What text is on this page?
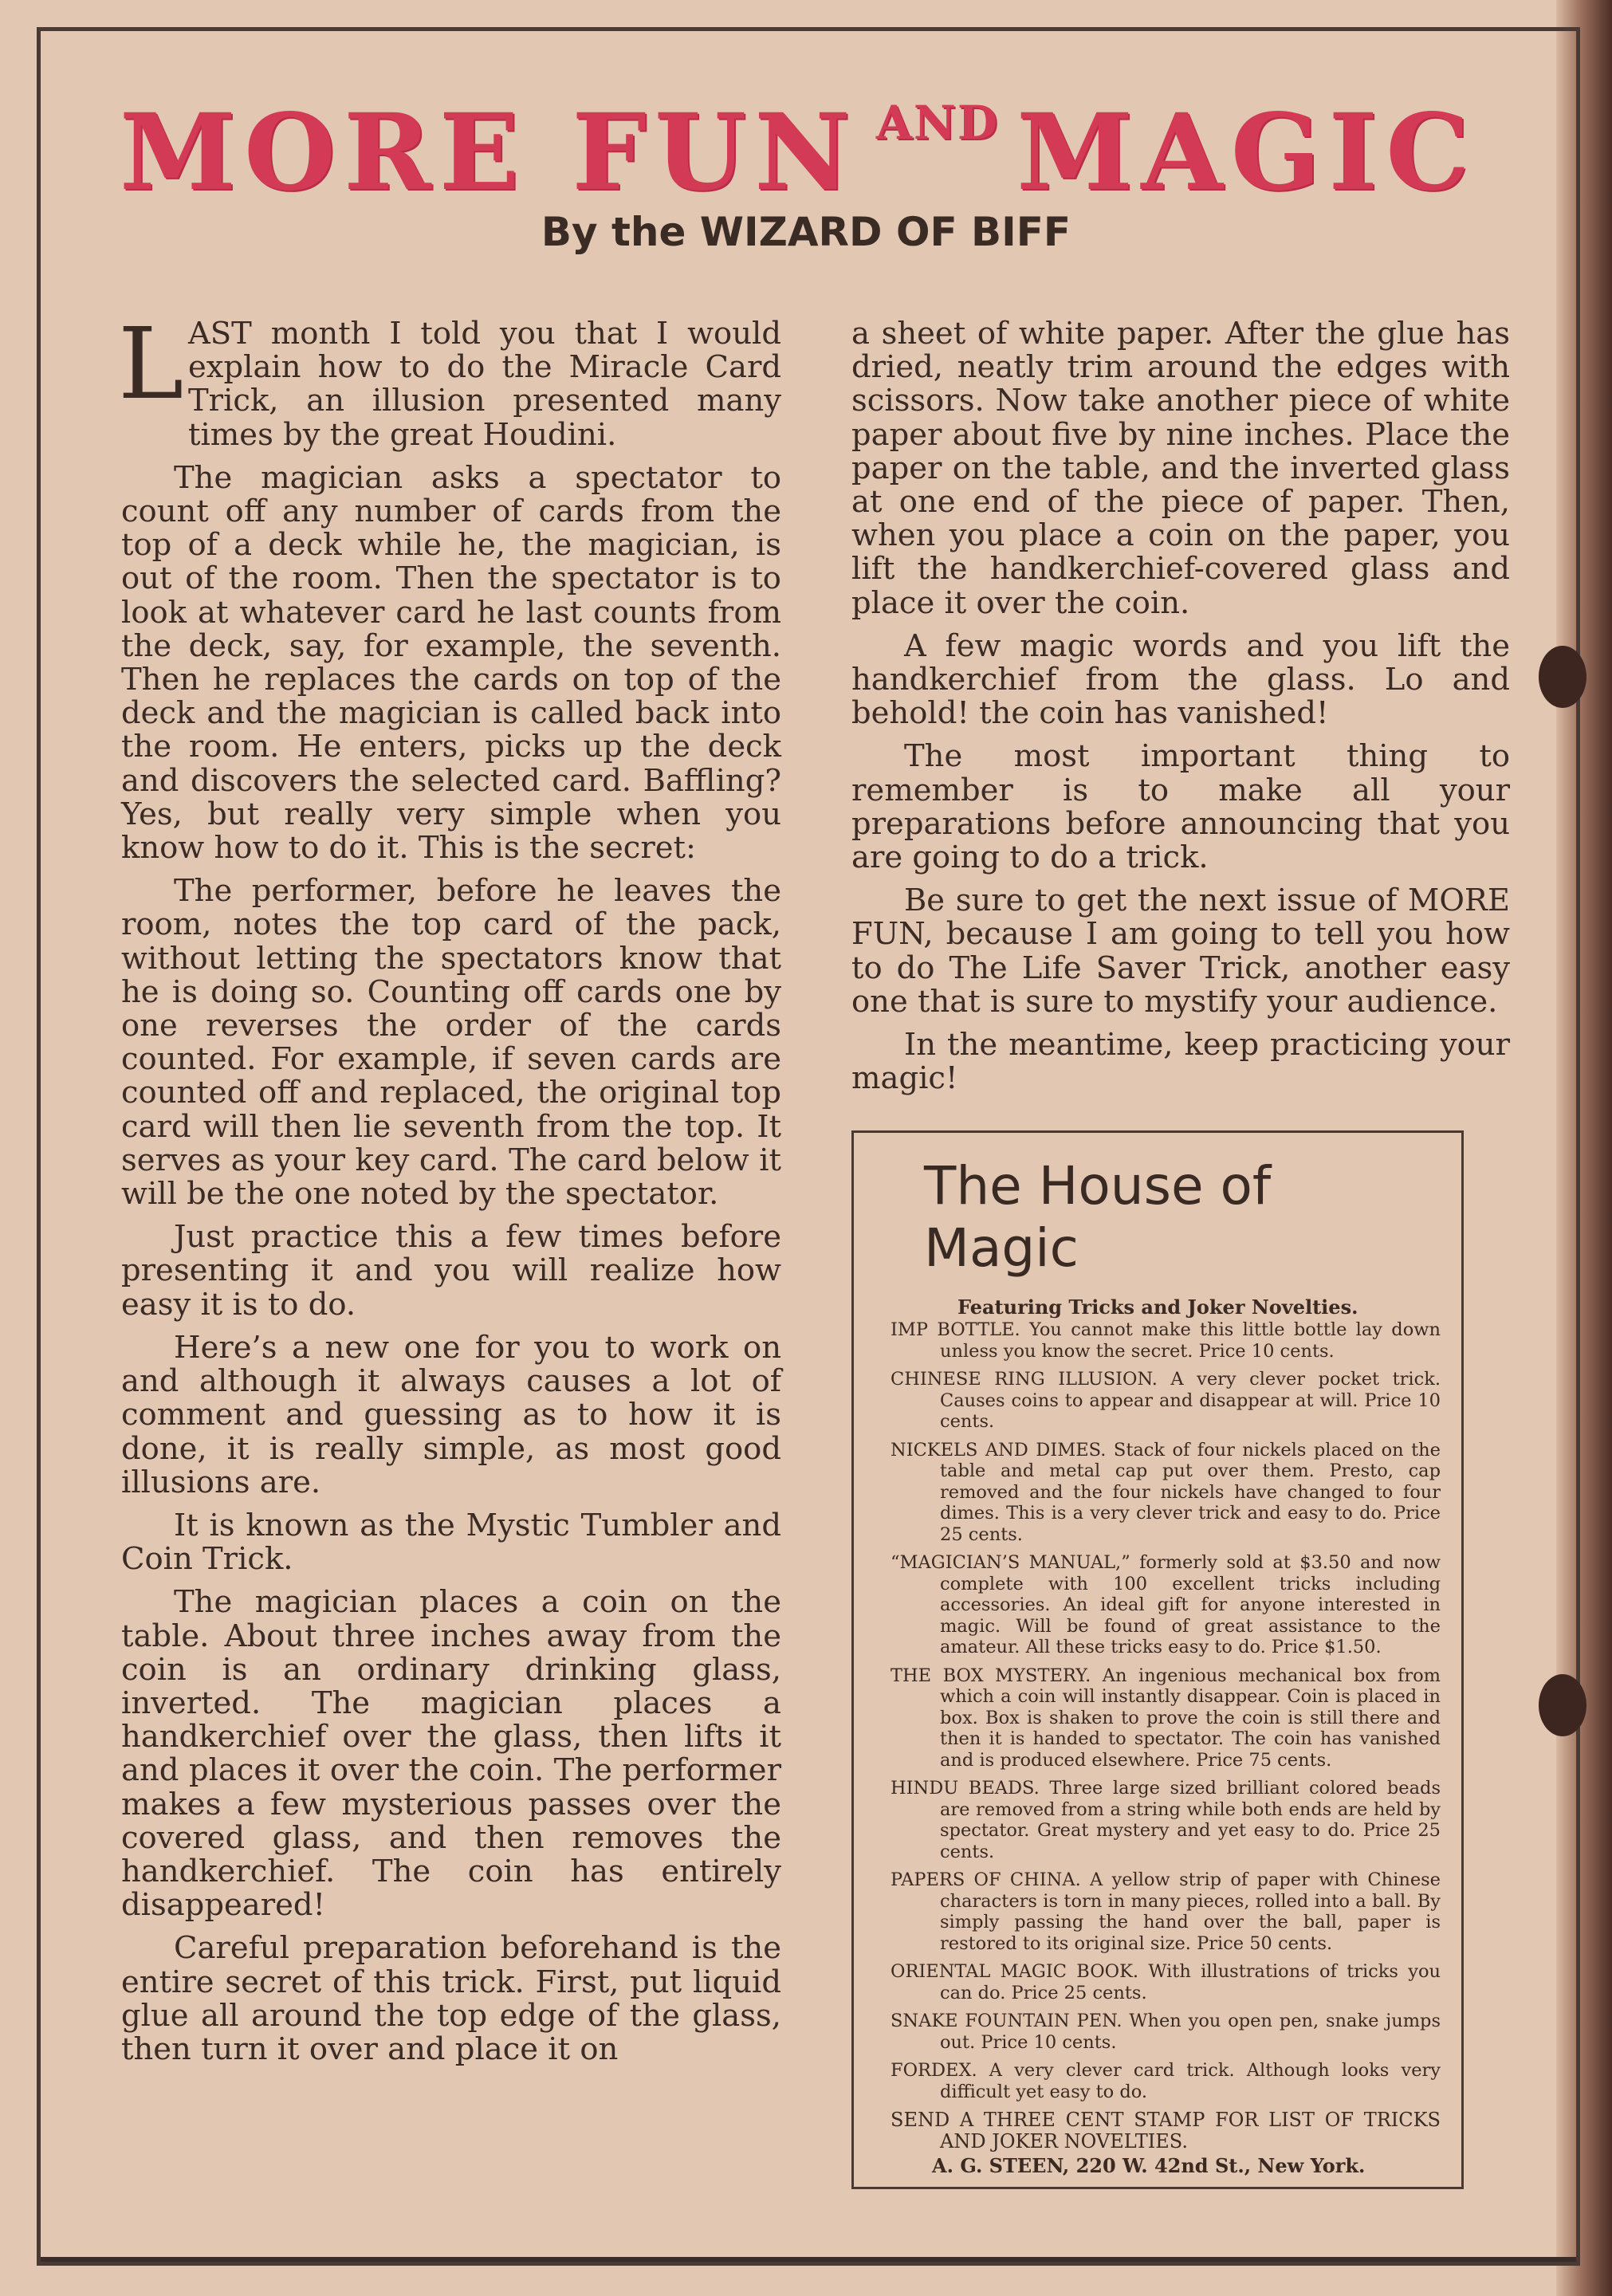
MORE FUN $^{AND}$ MAGIC
By the WIZARD OF BIFF

L AST month I told you that I would explain how to do the Miracle Card Trick, an illusion presented many times by the great Houdini.

The magician asks a spectator to count off any number of cards from the top of a deck while he, the magician, is out of the room. Then the spectator is to look at whatever card he last counts from the deck, say, for example, the seventh. Then he replaces the cards on top of the deck and the magician is called back into the room. He enters, picks up the deck and discovers the selected card. Baffling? Yes, but really very simple when you know how to do it. This is the secret:

The performer, before he leaves the room, notes the top card of the pack, without letting the spectators know that he is doing so. Counting off cards one by one reverses the order of the cards counted. For example, if seven cards are counted off and replaced, the original top card will then lie seventh from the top. It serves as your key card. The card below it will be the one noted by the spectator.

Just practice this a few times before presenting it and you will realize how easy it is to do.

Here’s a new one for you to work on and although it always causes a lot of comment and guessing as to how it is done, it is really simple, as most good illusions are.

It is known as the Mystic Tumbler and Coin Trick.

The magician places a coin on the table. About three inches away from the coin is an ordinary drinking glass, inverted. The magician places a handkerchief over the glass, then lifts it and places it over the coin. The performer makes a few mysterious passes over the covered glass, and then removes the handkerchief. The coin has entirely disappeared!

Careful preparation beforehand is the entire secret of this trick. First, put liquid glue all around the top edge of the glass, then turn it over and place it on

a sheet of white paper. After the glue has dried, neatly trim around the edges with scissors. Now take another piece of white paper about five by nine inches. Place the paper on the table, and the inverted glass at one end of the piece of paper. Then, when you place a coin on the paper, you lift the handkerchief-covered glass and place it over the coin.

A few magic words and you lift the handkerchief from the glass. Lo and behold! the coin has vanished!

The most important thing to remember is to make all your preparations before announcing that you are going to do a trick.

Be sure to get the next issue of MORE FUN, because I am going to tell you how to do The Life Saver Trick, another easy one that is sure to mystify your audience.

In the meantime, keep practicing your magic!

The House of Magic
Featuring Tricks and Joker Novelties.
IMP BOTTLE. You cannot make this little bottle lay down unless you know the secret. Price 10 cents.
CHINESE RING ILLUSION. A very clever pocket trick. Causes coins to appear and disappear at will. Price 10 cents.
NICKELS AND DIMES. Stack of four nickels placed on the table and metal cap put over them. Presto, cap removed and the four nickels have changed to four dimes. This is a very clever trick and easy to do. Price 25 cents.
“MAGICIAN’S MANUAL,” formerly sold at $3.50 and now complete with 100 excellent tricks including accessories. An ideal gift for anyone interested in magic. Will be found of great assistance to the amateur. All these tricks easy to do. Price $1.50.
THE BOX MYSTERY. An ingenious mechanical box from which a coin will instantly disappear. Coin is placed in box. Box is shaken to prove the coin is still there and then it is handed to spectator. The coin has vanished and is produced elsewhere. Price 75 cents.
HINDU BEADS. Three large sized brilliant colored beads are removed from a string while both ends are held by spectator. Great mystery and yet easy to do. Price 25 cents.
PAPERS OF CHINA. A yellow strip of paper with Chinese characters is torn in many pieces, rolled into a ball. By simply passing the hand over the ball, paper is restored to its original size. Price 50 cents.
ORIENTAL MAGIC BOOK. With illustrations of tricks you can do. Price 25 cents.
SNAKE FOUNTAIN PEN. When you open pen, snake jumps out. Price 10 cents.
FORDEX. A very clever card trick. Although looks very difficult yet easy to do.
SEND A THREE CENT STAMP FOR LIST OF TRICKS AND JOKER NOVELTIES.
A. G. STEEN, 220 W. 42nd St., New York.
